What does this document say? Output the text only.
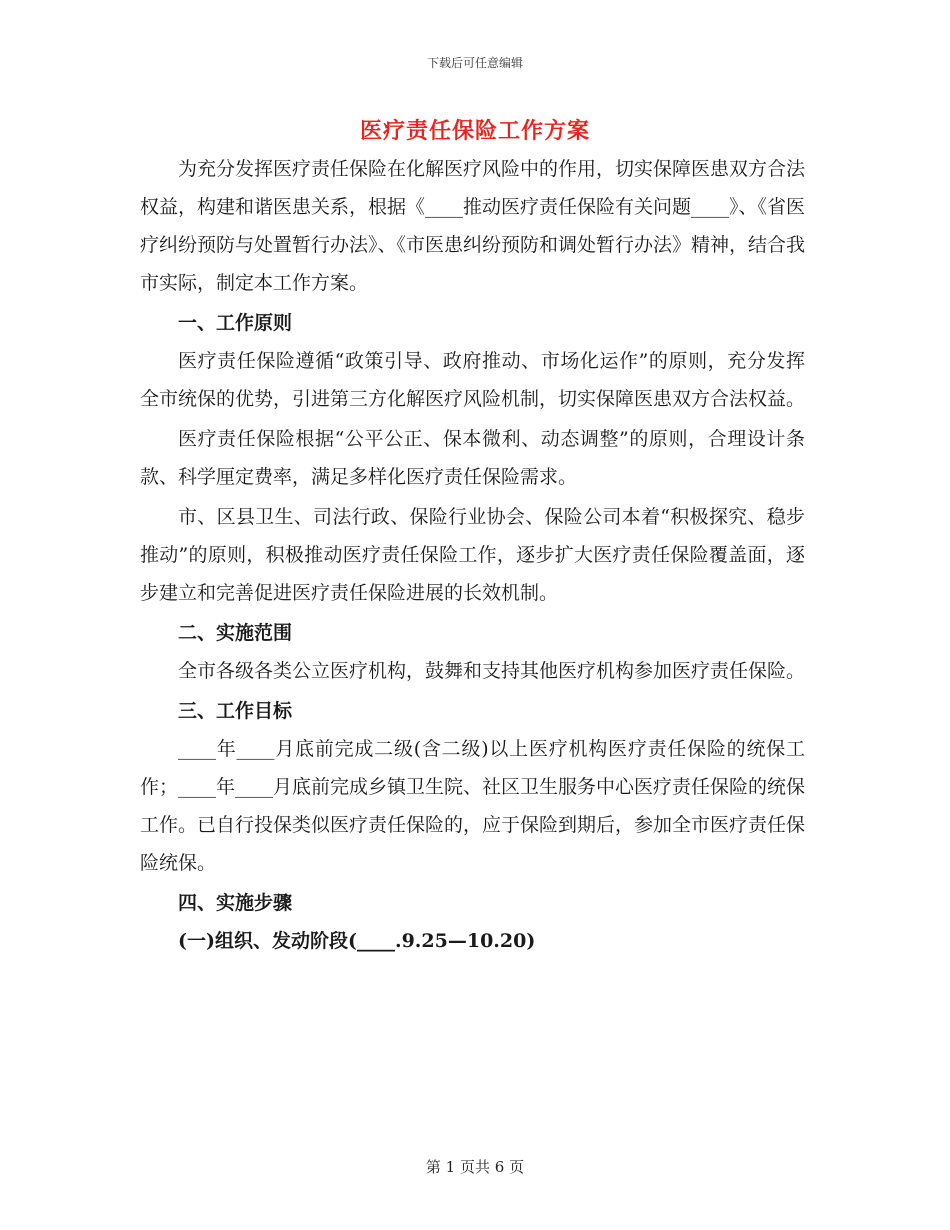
下载后可任意编辑
医疗责任保险工作方案

为充分发挥医疗责任保险在化解医疗风险中的作用，切实保障医患双方合法权益，构建和谐医患关系，根据《____推动医疗责任保险有关问题____》、《省医疗纠纷预防与处置暂行办法》、《市医患纠纷预防和调处暂行办法》精神，结合我市实际，制定本工作方案。

一、工作原则

医疗责任保险遵循“政策引导、政府推动、市场化运作”的原则，充分发挥全市统保的优势，引进第三方化解医疗风险机制，切实保障医患双方合法权益。

医疗责任保险根据“公平公正、保本微利、动态调整”的原则，合理设计条款、科学厘定费率，满足多样化医疗责任保险需求。

市、区县卫生、司法行政、保险行业协会、保险公司本着“积极探究、稳步推动”的原则，积极推动医疗责任保险工作，逐步扩大医疗责任保险覆盖面，逐步建立和完善促进医疗责任保险进展的长效机制。

二、实施范围

全市各级各类公立医疗机构，鼓舞和支持其他医疗机构参加医疗责任保险。

三、工作目标

____年____月底前完成二级(含二级)以上医疗机构医疗责任保险的统保工作；____年____月底前完成乡镇卫生院、社区卫生服务中心医疗责任保险的统保工作。已自行投保类似医疗责任保险的，应于保险到期后，参加全市医疗责任保险统保。

四、实施步骤
(一)组织、发动阶段(____.9.25—10.20)
第 1 页共 6 页
